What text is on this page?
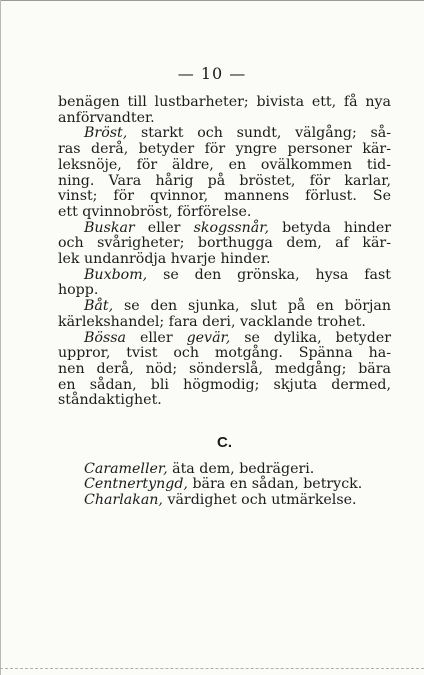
— 10 —

benägen till lustbarheter; bivista ett, få nya
anförvandter.

Bröst, starkt och sundt, välgång; så-
ras derå, betyder för yngre personer kär-
leksnöje, för äldre, en ovälkommen tid-
ning. Vara hårig på bröstet, för karlar,
vinst; för qvinnor, mannens förlust. Se
ett qvinnobröst, förförelse.

Buskar eller skogssnår, betyda hinder
och svårigheter; borthugga dem, af kär-
lek undanrödja hvarje hinder.

Buxbom, se den grönska, hysa fast
hopp.

Båt, se den sjunka, slut på en början
kärlekshandel; fara deri, vacklande trohet.

Bössa eller gevär, se dylika, betyder
uppror, tvist och motgång. Spänna ha-
nen derå, nöd; sönderslå, medgång; bära
en sådan, bli högmodig; skjuta dermed,
ståndaktighet.

C.

Caramеller, äta dem, bedrägeri.

Centnertyngd, bära en sådan, betryck.

Charlakan, värdighet och utmärkelse.
